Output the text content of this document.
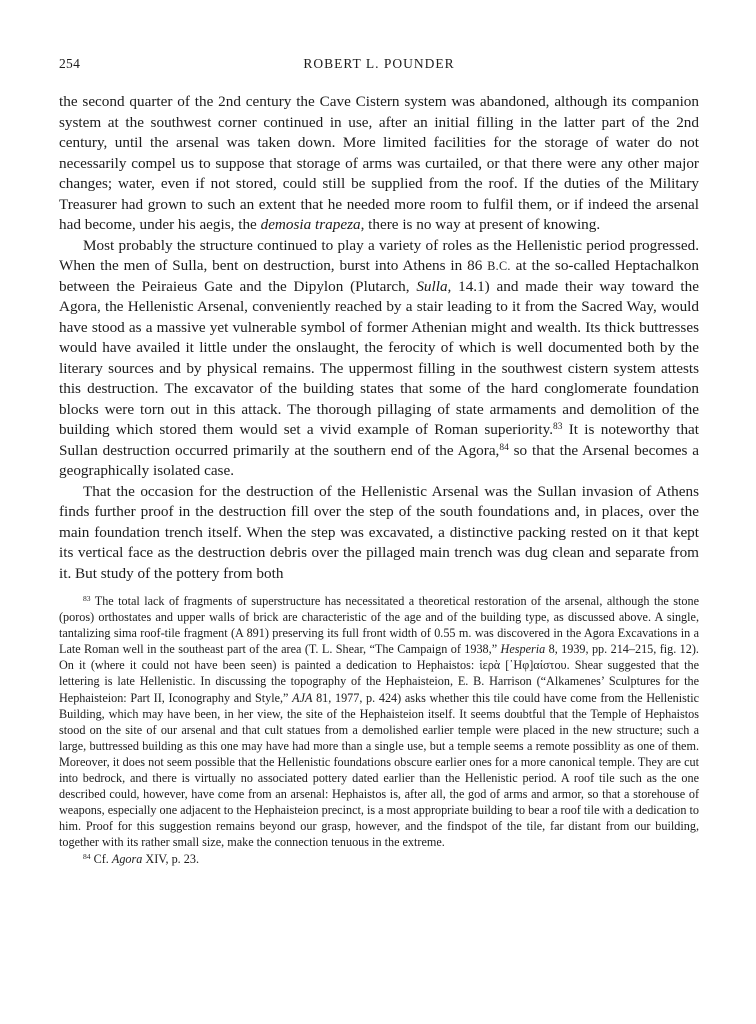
254	ROBERT L. POUNDER

the second quarter of the 2nd century the Cave Cistern system was abandoned, although its companion system at the southwest corner continued in use, after an initial filling in the latter part of the 2nd century, until the arsenal was taken down. More limited facilities for the storage of water do not necessarily compel us to suppose that storage of arms was curtailed, or that there were any other major changes; water, even if not stored, could still be supplied from the roof. If the duties of the Military Treasurer had grown to such an extent that he needed more room to fulfil them, or if indeed the arsenal had become, under his aegis, the demosia trapeza, there is no way at present of knowing.

Most probably the structure continued to play a variety of roles as the Hellenistic period progressed. When the men of Sulla, bent on destruction, burst into Athens in 86 B.C. at the so-called Heptachalkon between the Peiraieus Gate and the Dipylon (Plutarch, Sulla, 14.1) and made their way toward the Agora, the Hellenistic Arsenal, conveniently reached by a stair leading to it from the Sacred Way, would have stood as a massive yet vulnerable symbol of former Athenian might and wealth. Its thick buttresses would have availed it little under the onslaught, the ferocity of which is well documented both by the literary sources and by physical remains. The uppermost filling in the southwest cistern system attests this destruction. The excavator of the building states that some of the hard conglomerate foundation blocks were torn out in this attack. The thorough pillaging of state armaments and demolition of the building which stored them would set a vivid example of Roman superiority.$^{83}$ It is noteworthy that Sullan destruction occurred primarily at the southern end of the Agora,$^{84}$ so that the Arsenal becomes a geographically isolated case.

That the occasion for the destruction of the Hellenistic Arsenal was the Sullan invasion of Athens finds further proof in the destruction fill over the step of the south foundations and, in places, over the main foundation trench itself. When the step was excavated, a distinctive packing rested on it that kept its vertical face as the destruction debris over the pillaged main trench was dug clean and separate from it. But study of the pottery from both

$^{83}$ The total lack of fragments of superstructure has necessitated a theoretical restoration of the arsenal, although the stone (poros) orthostates and upper walls of brick are characteristic of the age and of the building type, as discussed above. A single, tantalizing sima roof-tile fragment (A 891) preserving its full front width of 0.55 m. was discovered in the Agora Excavations in a Late Roman well in the southeast part of the area (T. L. Shear, “The Campaign of 1938,” Hesperia 8, 1939, pp. 214–215, fig. 12). On it (where it could not have been seen) is painted a dedication to Hephaistos: ἱερὰ [῾Ηφ]αίστου. Shear suggested that the lettering is late Hellenistic. In discussing the topography of the Hephaisteion, E. B. Harrison (“Alkamenes’ Sculptures for the Hephaisteion: Part II, Iconography and Style,” AJA 81, 1977, p. 424) asks whether this tile could have come from the Hellenistic Building, which may have been, in her view, the site of the Hephaisteion itself. It seems doubtful that the Temple of Hephaistos stood on the site of our arsenal and that cult statues from a demolished earlier temple were placed in the new structure; such a large, buttressed building as this one may have had more than a single use, but a temple seems a remote possiblity as one of them. Moreover, it does not seem possible that the Hellenistic foundations obscure earlier ones for a more canonical temple. They are cut into bedrock, and there is virtually no associated pottery dated earlier than the Hellenistic period. A roof tile such as the one described could, however, have come from an arsenal: Hephaistos is, after all, the god of arms and armor, so that a storehouse of weapons, especially one adjacent to the Hephaisteion precinct, is a most appropriate building to bear a roof tile with a dedication to him. Proof for this suggestion remains beyond our grasp, however, and the findspot of the tile, far distant from our building, together with its rather small size, make the connection tenuous in the extreme.

$^{84}$ Cf. Agora XIV, p. 23.
